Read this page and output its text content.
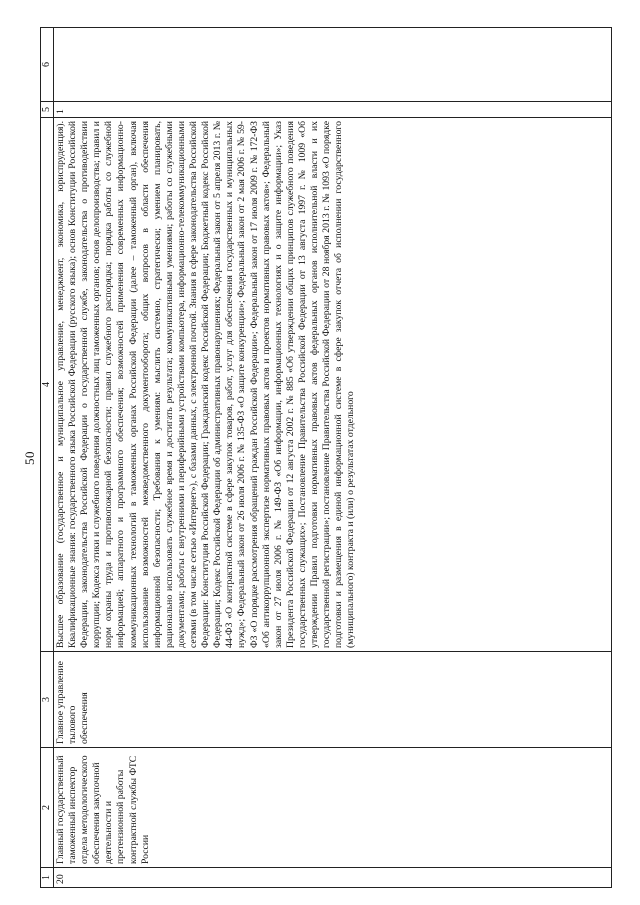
50
1	2	3	4	5	6
20	Главный государственный таможенный инспектор отдела методологического обеспечения закупочной деятельности и претензионной работы контрактной службы ФТС России	Главное управление тылового обеспечения	Высшее образование (государственное и муниципальное управление, менеджмент, экономика, юриспруденция). Квалификационные знания: государственного языка Российской Федерации (русского языка); основ Конституции Российской Федерации, законодательства Российской Федерации о государственной службе, законодательства о противодействии коррупции; Кодекса этики и служебного поведения должностных лиц таможенных органов; основ делопроизводства; правил и норм охраны труда и противопожарной безопасности; правил служебного распорядка; порядка работы со служебной информацией; аппаратного и программного обеспечения; возможностей применения современных информационно-коммуникационных технологий в таможенных органах Российской Федерации (далее – таможенный орган), включая использование возможностей межведомственного документооборота; общих вопросов в области обеспечения информационной безопасности; Требования к умениям: мыслить системно, стратегически; умением планировать, рационально использовать служебное время и достигать результата; коммуникативными умениями; работы со служебными документами; работы с внутренними и периферийными устройствами компьютера, информационно-телекоммуникационными сетями (в том числе сетью «Интернет»), с базами данных, с электронной почтой. Знания в сфере законодательства Российской Федерации: Конституция Российской Федерации; Гражданский кодекс Российской Федерации; Бюджетный кодекс Российской Федерации; Кодекс Российской Федерации об административных правонарушениях; Федеральный закон от 5 апреля 2013 г. № 44-ФЗ «О контрактной системе в сфере закупок товаров, работ, услуг для обеспечения государственных и муниципальных нужд»; Федеральный закон от 26 июля 2006 г. № 135-ФЗ «О защите конкуренции»; Федеральный закон от 2 мая 2006 г. № 59-ФЗ «О порядке рассмотрения обращений граждан Российской Федерации»; Федеральный закон от 17 июля 2009 г. № 172-ФЗ «Об антикоррупционной экспертизе нормативных правовых актов и проектов нормативных правовых актов»; Федеральный закон от 27 июля 2006 г. № 149-ФЗ «Об информации, информационных технологиях и о защите информации»; Указ Президента Российской Федерации от 12 августа 2002 г. № 885 «Об утверждении общих принципов служебного поведения государственных служащих»; Постановление Правительства Российской Федерации от 13 августа 1997 г. № 1009 «Об утверждении Правил подготовки нормативных правовых актов федеральных органов исполнительной власти и их государственной регистрации»; постановление Правительства Российской Федерации от 28 ноября 2013 г. № 1093 «О порядке подготовки и размещения в единой информационной системе в сфере закупок отчета об исполнении государственного (муниципального) контракта и (или) о результатах отдельного	1	
